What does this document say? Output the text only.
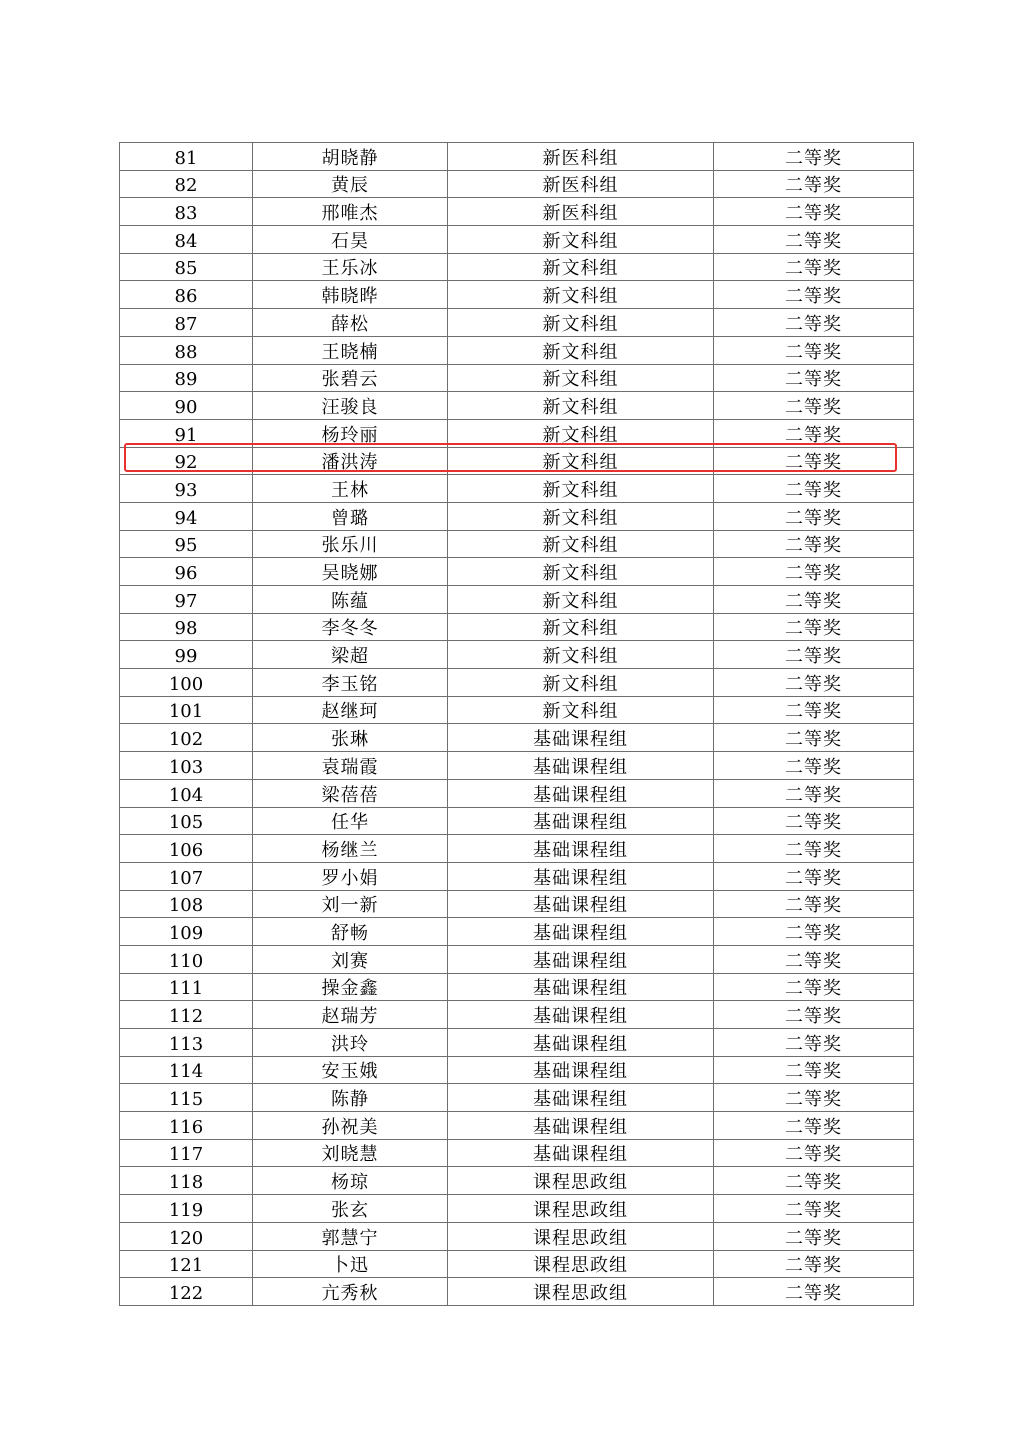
81	胡晓静	新医科组	二等奖
82	黄辰	新医科组	二等奖
83	邢唯杰	新医科组	二等奖
84	石昊	新文科组	二等奖
85	王乐冰	新文科组	二等奖
86	韩晓晔	新文科组	二等奖
87	薛松	新文科组	二等奖
88	王晓楠	新文科组	二等奖
89	张碧云	新文科组	二等奖
90	汪骏良	新文科组	二等奖
91	杨玲丽	新文科组	二等奖
92	潘洪涛	新文科组	二等奖
93	王林	新文科组	二等奖
94	曾璐	新文科组	二等奖
95	张乐川	新文科组	二等奖
96	吴晓娜	新文科组	二等奖
97	陈蕴	新文科组	二等奖
98	李冬冬	新文科组	二等奖
99	梁超	新文科组	二等奖
100	李玉铭	新文科组	二等奖
101	赵继珂	新文科组	二等奖
102	张琳	基础课程组	二等奖
103	袁瑞霞	基础课程组	二等奖
104	梁蓓蓓	基础课程组	二等奖
105	任华	基础课程组	二等奖
106	杨继兰	基础课程组	二等奖
107	罗小娟	基础课程组	二等奖
108	刘一新	基础课程组	二等奖
109	舒畅	基础课程组	二等奖
110	刘赛	基础课程组	二等奖
111	操金鑫	基础课程组	二等奖
112	赵瑞芳	基础课程组	二等奖
113	洪玲	基础课程组	二等奖
114	安玉娥	基础课程组	二等奖
115	陈静	基础课程组	二等奖
116	孙祝美	基础课程组	二等奖
117	刘晓慧	基础课程组	二等奖
118	杨琼	课程思政组	二等奖
119	张玄	课程思政组	二等奖
120	郭慧宁	课程思政组	二等奖
121	卜迅	课程思政组	二等奖
122	亢秀秋	课程思政组	二等奖
